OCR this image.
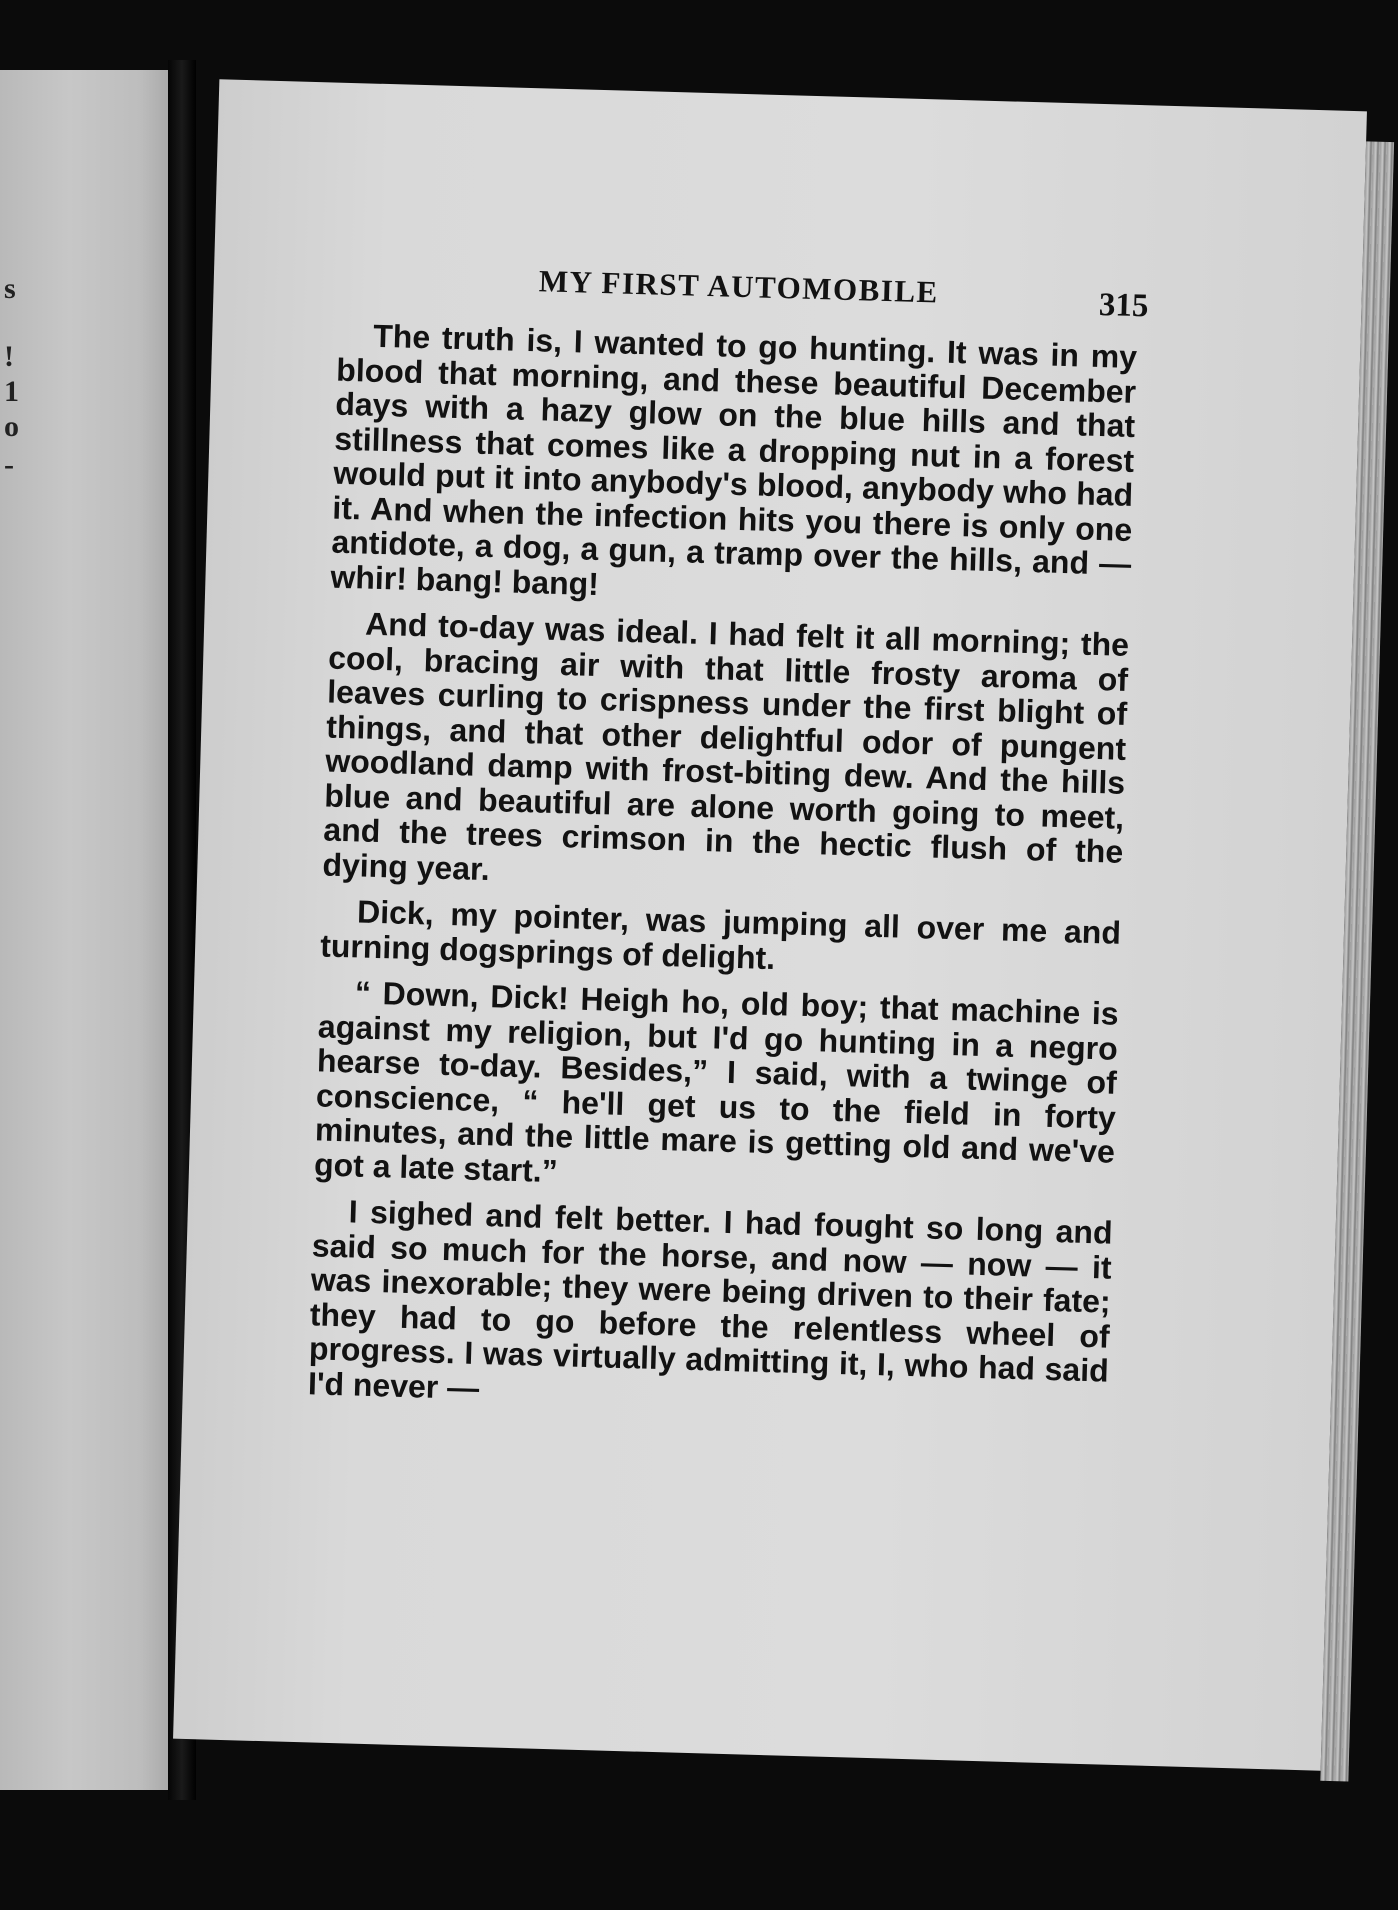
s
!
1
o
-
MY FIRST AUTOMOBILE	315

The truth is, I wanted to go hunting. It was in my blood that morning, and these beautiful December days with a hazy glow on the blue hills and that stillness that comes like a dropping nut in a forest would put it into anybody's blood, anybody who had it. And when the infection hits you there is only one antidote, a dog, a gun, a tramp over the hills, and — whir! bang! bang!

And to-day was ideal. I had felt it all morning; the cool, bracing air with that little frosty aroma of leaves curling to crispness under the first blight of things, and that other delightful odor of pungent woodland damp with frost-biting dew. And the hills blue and beautiful are alone worth going to meet, and the trees crimson in the hectic flush of the dying year.

Dick, my pointer, was jumping all over me and turning dogsprings of delight.

“ Down, Dick! Heigh ho, old boy; that machine is against my religion, but I'd go hunting in a negro hearse to-day. Besides,” I said, with a twinge of conscience, “ he'll get us to the field in forty minutes, and the little mare is getting old and we've got a late start.”

I sighed and felt better. I had fought so long and said so much for the horse, and now — now — it was inexorable; they were being driven to their fate; they had to go before the relentless wheel of progress. I was virtually admitting it, I, who had said I'd never —
